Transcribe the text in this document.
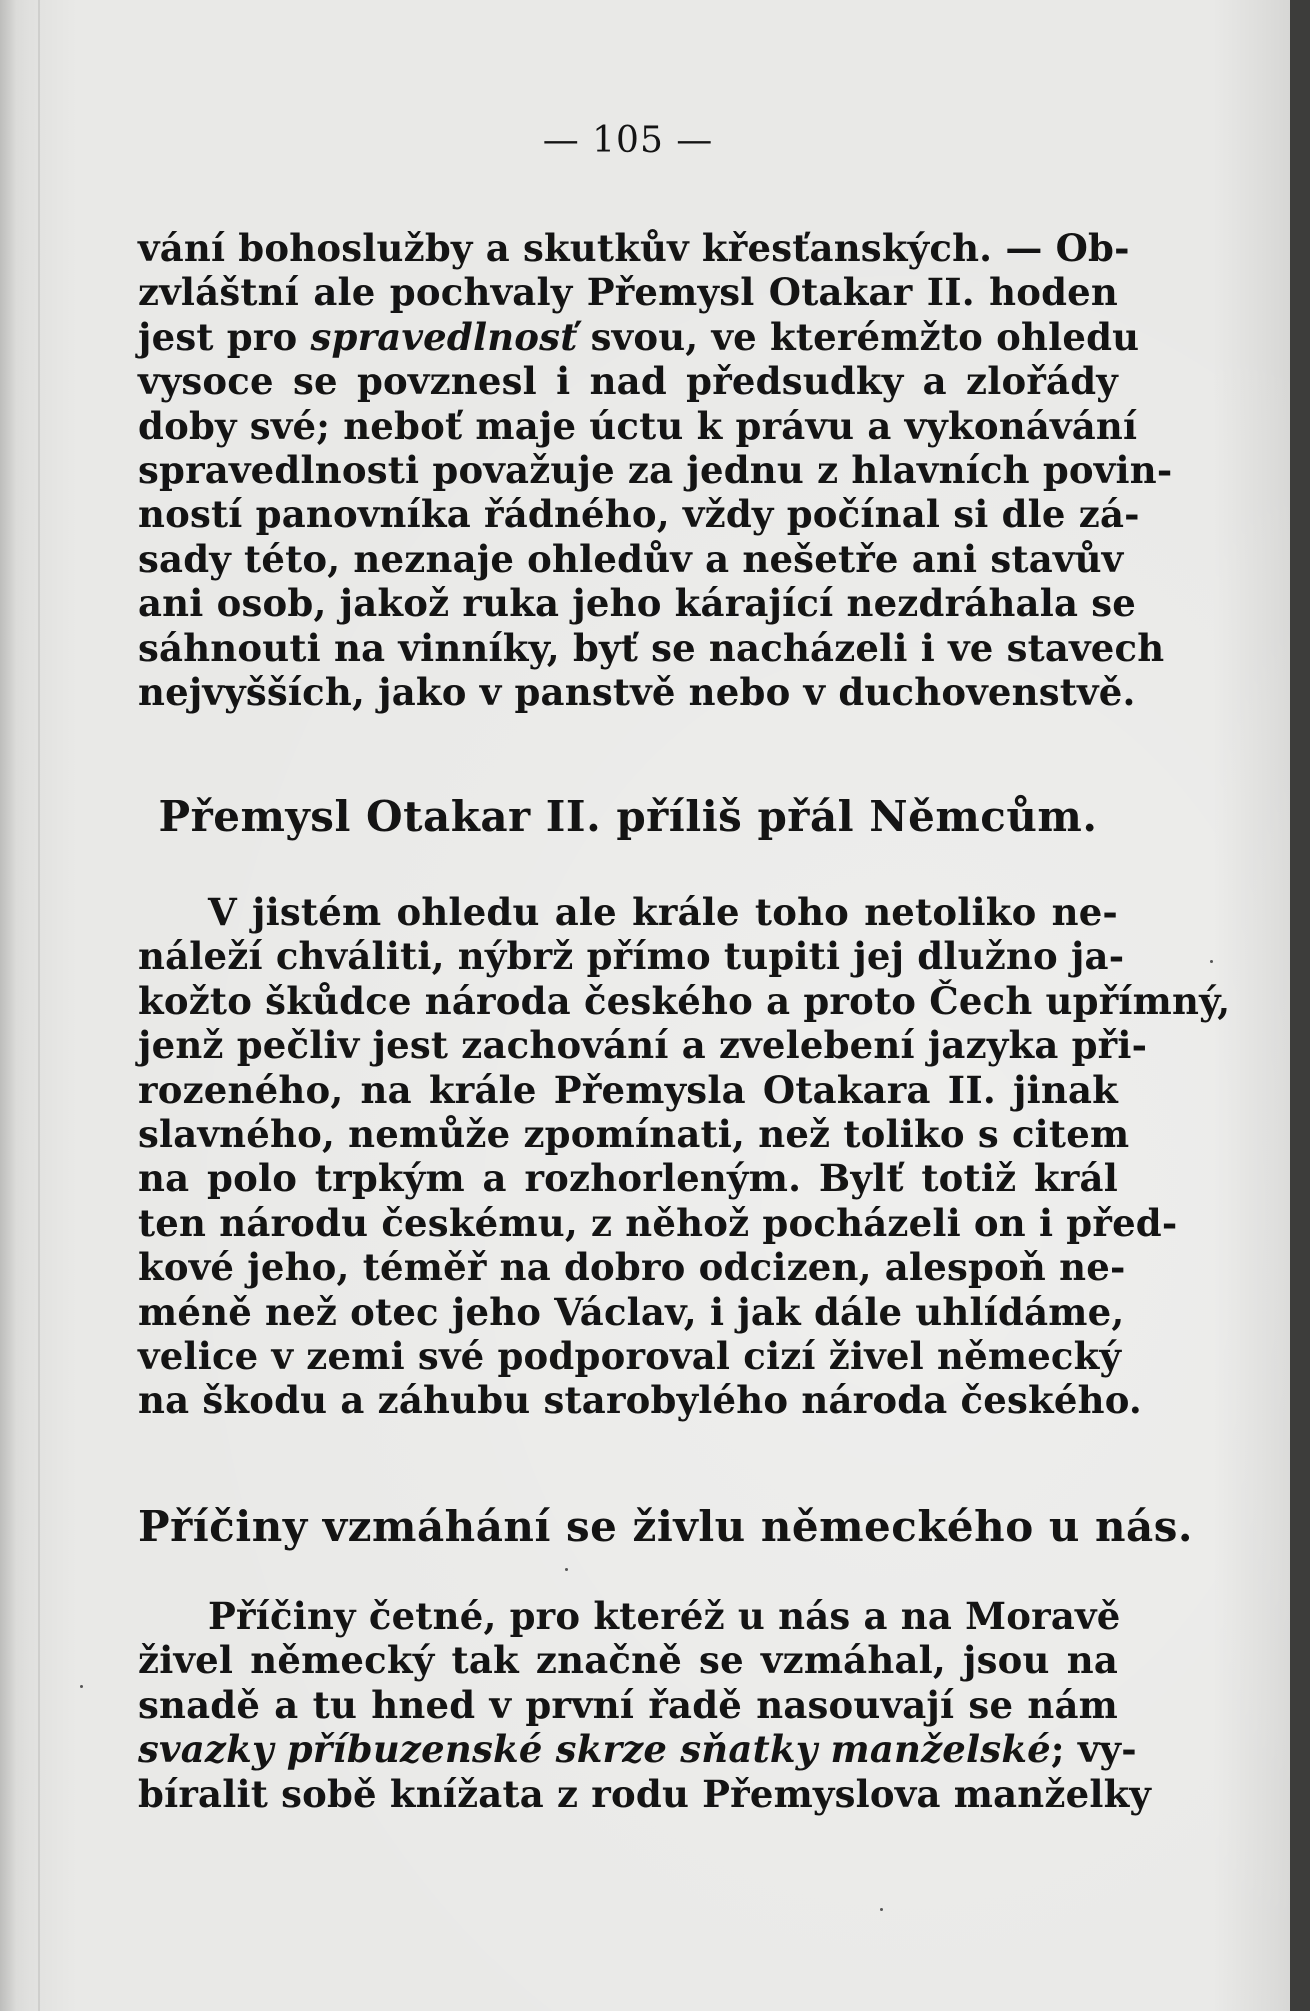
— 105 —
vání bohoslužby a skutkův křesťanských. — Ob-
zvláštní ale pochvaly Přemysl Otakar II. hoden
jest pro spravedlnosť svou, ve kterémžto ohledu
vysoce se povznesl i nad předsudky a zlořády
doby své; neboť maje úctu k právu a vykonávání
spravedlnosti považuje za jednu z hlavních povin-
ností panovníka řádného, vždy počínal si dle zá-
sady této, neznaje ohledův a nešetře ani stavův
ani osob, jakož ruka jeho kárající nezdráhala se
sáhnouti na vinníky, byť se nacházeli i ve stavech
nejvyšších, jako v panstvě nebo v duchovenstvě.
Přemysl Otakar II. příliš přál Němcům.
V jistém ohledu ale krále toho netoliko ne-
náleží chváliti, nýbrž přímo tupiti jej dlužno ja-
kožto škůdce národa českého a proto Čech upřímný,
jenž pečliv jest zachování a zvelebení jazyka při-
rozeného, na krále Přemysla Otakara II. jinak
slavného, nemůže zpomínati, než toliko s citem
na polo trpkým a rozhorleným. Bylť totiž král
ten národu českému, z něhož pocházeli on i před-
kové jeho, téměř na dobro odcizen, alespoň ne-
méně než otec jeho Václav, i jak dále uhlídáme,
velice v zemi své podporoval cizí živel německý
na škodu a záhubu starobylého národa českého.
Příčiny vzmáhání se živlu německého u nás.
Příčiny četné, pro kteréž u nás a na Moravě
živel německý tak značně se vzmáhal, jsou na
snadě a tu hned v první řadě nasouvají se nám
svazky příbuzenské skrze sňatky manželské; vy-
bíralit sobě knížata z rodu Přemyslova manželky
